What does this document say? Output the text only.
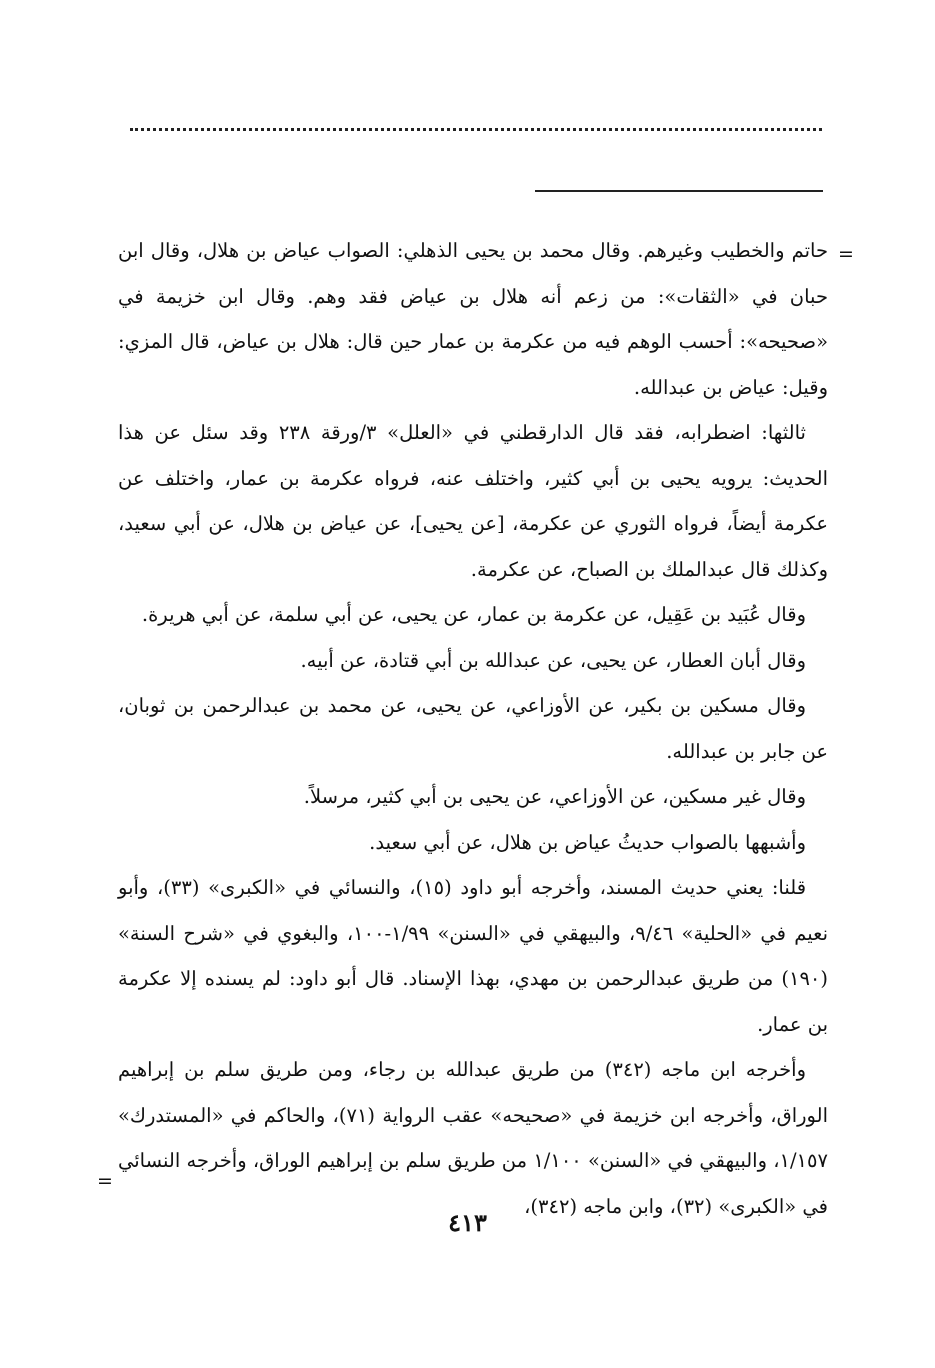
=

حاتم والخطيب وغيرهم. وقال محمد بن يحيى الذهلي: الصواب عياض بن هلال، وقال ابن حبان في «الثقات»: من زعم أنه هلال بن عياض فقد وهم. وقال ابن خزيمة في «صحيحه»: أحسب الوهم فيه من عكرمة بن عمار حين قال: هلال بن عياض، قال المزي: وقيل: عياض بن عبدالله.

ثالثها: اضطرابه، فقد قال الدارقطني في «العلل» ٣/ورقة ٢٣٨ وقد سئل عن هذا الحديث: يرويه يحيى بن أبي كثير، واختلف عنه، فرواه عكرمة بن عمار، واختلف عن عكرمة أيضاً، فرواه الثوري عن عكرمة، [عن يحيى]، عن عياض بن هلال، عن أبي سعيد، وكذلك قال عبدالملك بن الصباح، عن عكرمة.

وقال عُبَيد بن عَقِيل، عن عكرمة بن عمار، عن يحيى، عن أبي سلمة، عن أبي هريرة.

وقال أبان العطار، عن يحيى، عن عبدالله بن أبي قتادة، عن أبيه.

وقال مسكين بن بكير، عن الأوزاعي، عن يحيى، عن محمد بن عبدالرحمن بن ثوبان، عن جابر بن عبدالله.

وقال غير مسكين، عن الأوزاعي، عن يحيى بن أبي كثير، مرسلاً.

وأشبهها بالصواب حديثُ عياض بن هلال، عن أبي سعيد.

قلنا: يعني حديث المسند، وأخرجه أبو داود (١٥)، والنسائي في «الكبرى» (٣٣)، وأبو نعيم في «الحلية» ٩/٤٦، والبيهقي في «السنن» ١/٩٩-١٠٠، والبغوي في «شرح السنة» (١٩٠) من طريق عبدالرحمن بن مهدي، بهذا الإسناد. قال أبو داود: لم يسنده إلا عكرمة بن عمار.

وأخرجه ابن ماجه (٣٤٢) من طريق عبدالله بن رجاء، ومن طريق سلم بن إبراهيم الوراق، وأخرجه ابن خزيمة في «صحيحه» عقب الرواية (٧١)، والحاكم في «المستدرك» ١/١٥٧، والبيهقي في «السنن» ١/١٠٠ من طريق سلم بن إبراهيم الوراق، وأخرجه النسائي في «الكبرى» (٣٢)، وابن ماجه (٣٤٢)،

=
٤١٣
